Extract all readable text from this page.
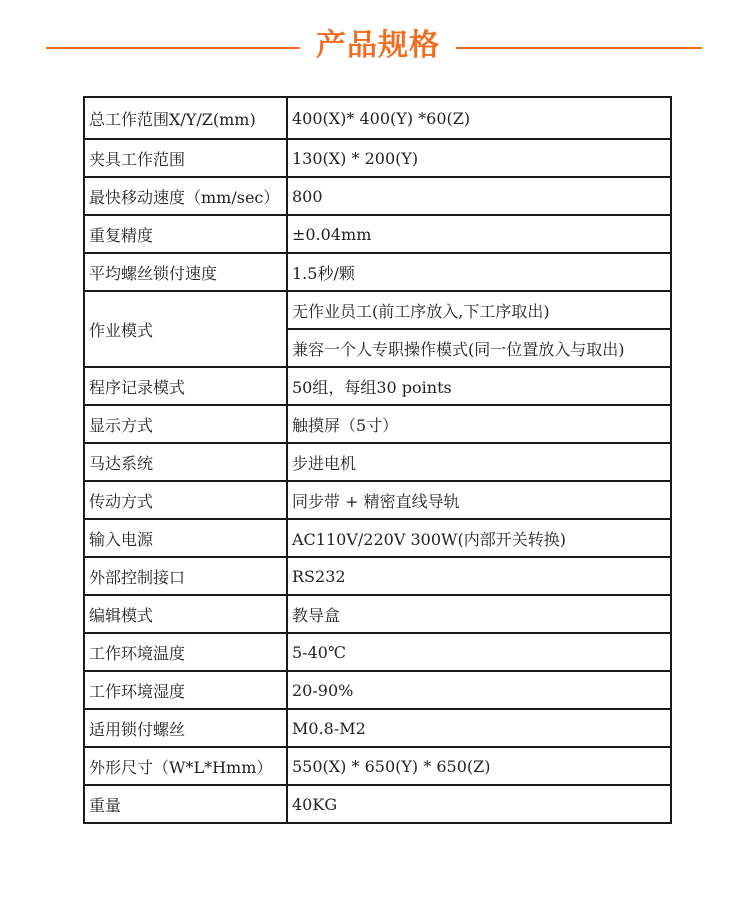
产品规格
总工作范围X/Y/Z(mm)	400(X)* 400(Y) *60(Z)
夹具工作范围	130(X) * 200(Y)
最快移动速度（mm/sec）	800
重复精度	±0.04mm
平均螺丝锁付速度	1.5秒/颗
作业模式	无作业员工(前工序放入,下工序取出)
	兼容一个人专职操作模式(同一位置放入与取出)
程序记录模式	50组，每组30 points
显示方式	触摸屏（5寸）
马达系统	步进电机
传动方式	同步带 + 精密直线导轨
输入电源	AC110V/220V 300W(内部开关转换)
外部控制接口	RS232
编辑模式	教导盒
工作环境温度	5-40℃
工作环境湿度	20-90%
适用锁付螺丝	M0.8-M2
外形尺寸（W*L*Hmm）	550(X) * 650(Y) * 650(Z)
重量	40KG
